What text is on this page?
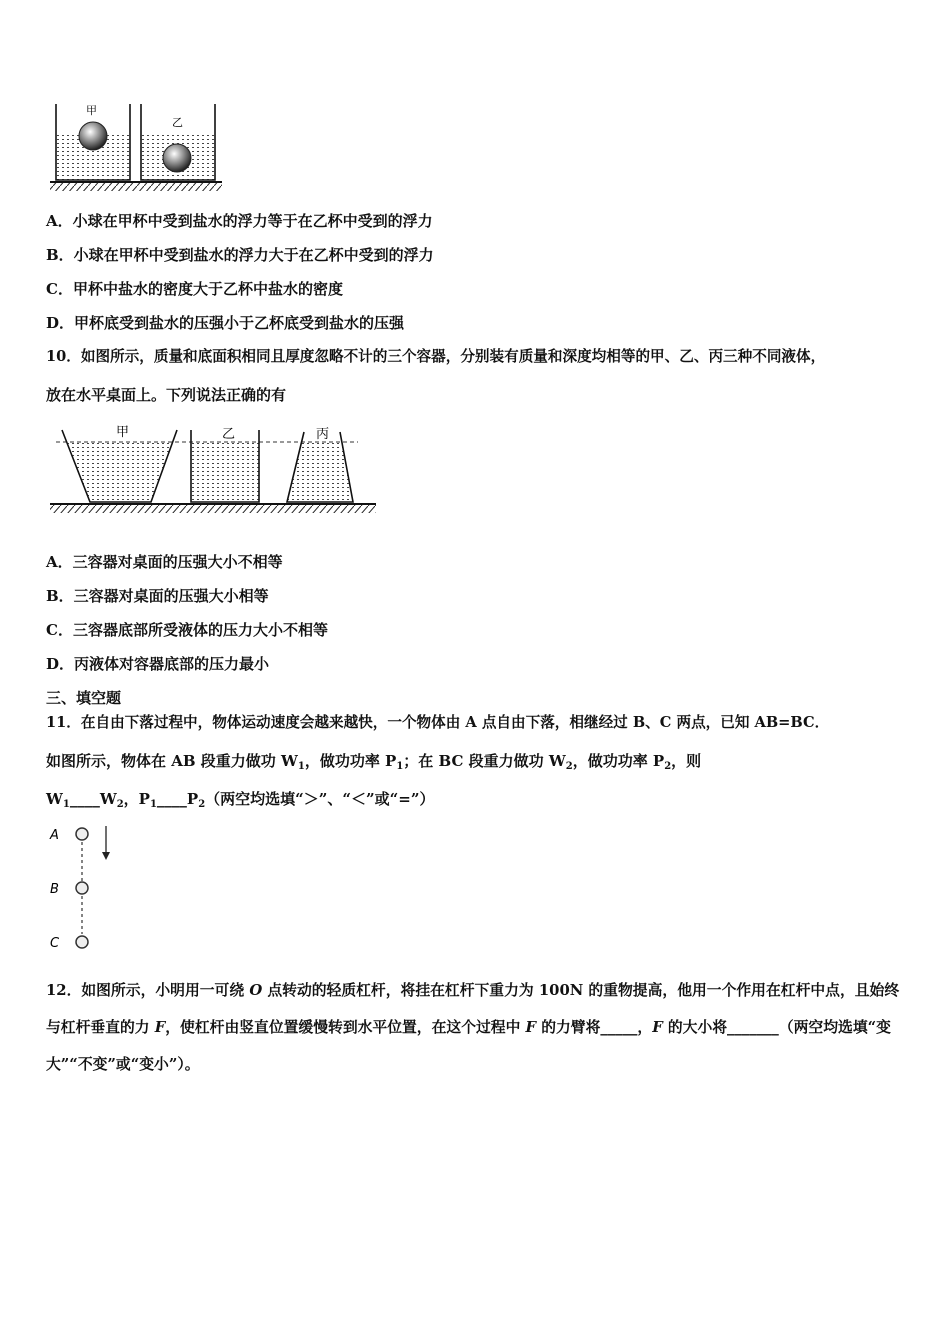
甲
乙
A．小球在甲杯中受到盐水的浮力等于在乙杯中受到的浮力
B．小球在甲杯中受到盐水的浮力大于在乙杯中受到的浮力
C．甲杯中盐水的密度大于乙杯中盐水的密度
D．甲杯底受到盐水的压强小于乙杯底受到盐水的压强
10．如图所示，质量和底面积相同且厚度忽略不计的三个容器，分别装有质量和深度均相等的甲、乙、丙三种不同液体，
放在水平桌面上。下列说法正确的有
甲	乙	丙
A．三容器对桌面的压强大小不相等
B．三容器对桌面的压强大小相等
C．三容器底部所受液体的压力大小不相等
D．丙液体对容器底部的压力最小
三、填空题
11．在自由下落过程中，物体运动速度会越来越快，一个物体由 A 点自由下落，相继经过 B、C 两点，已知 AB=BC．
如图所示，物体在 AB 段重力做功 $W_1$，做功功率 $P_1$；在 BC 段重力做功 $W_2$，做功功率 $P_2$，则
$W_1\_\_\_\_W_2$，$P_1\_\_\_\_P_2$（两空均选填“＞”、“＜”或“=”）
A
B
C
12．如图所示，小明用一可绕 O 点转动的轻质杠杆，将挂在杠杆下重力为 100N 的重物提高，他用一个作用在杠杆中点，且始终与杠杆垂直的力 F，使杠杆由竖直位置缓慢转到水平位置，在这个过程中 F 的力臂将_____，F 的大小将_______（两空均选填“变大”“不变”或“变小”）。
